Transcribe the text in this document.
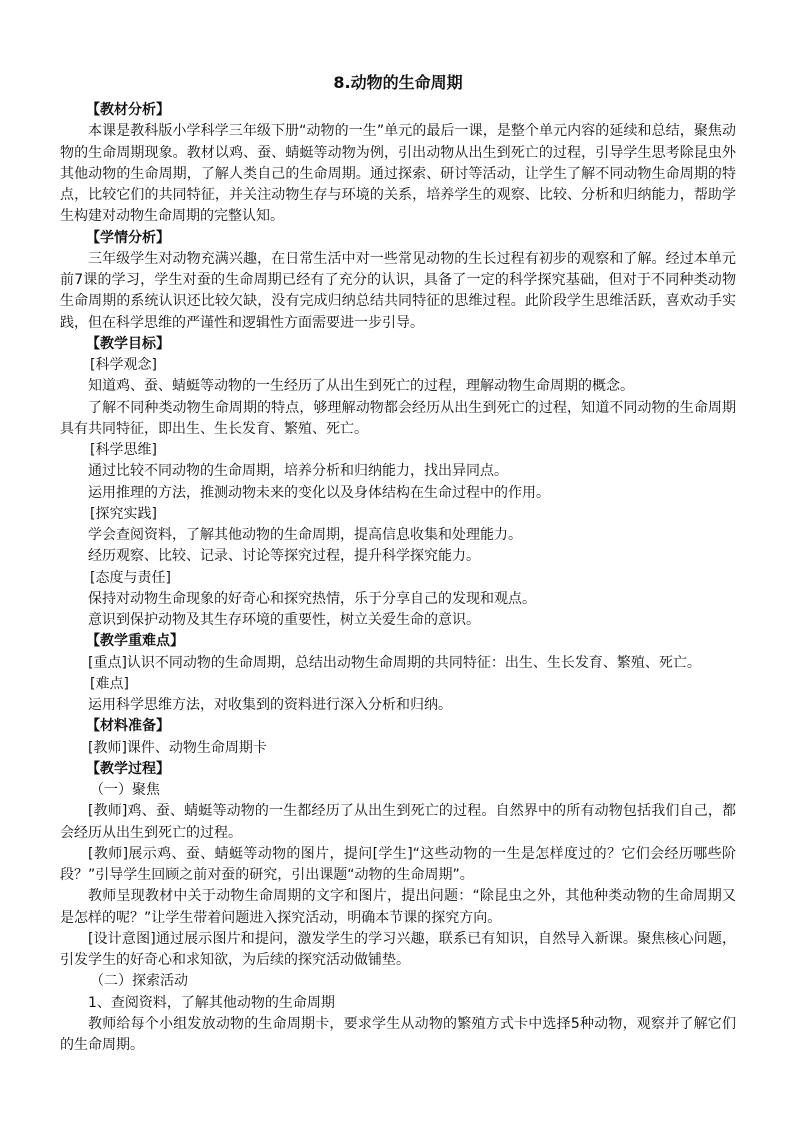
8.动物的生命周期

【教材分析】

本课是教科版小学科学三年级下册“动物的一生”单元的最后一课，是整个单元内容的延续和总结，聚焦动物的生命周期现象。教材以鸡、蚕、蜻蜓等动物为例，引出动物从出生到死亡的过程，引导学生思考除昆虫外其他动物的生命周期，了解人类自己的生命周期。通过探索、研讨等活动，让学生了解不同动物生命周期的特点，比较它们的共同特征，并关注动物生存与环境的关系，培养学生的观察、比较、分析和归纳能力，帮助学生构建对动物生命周期的完整认知。

【学情分析】

三年级学生对动物充满兴趣，在日常生活中对一些常见动物的生长过程有初步的观察和了解。经过本单元前7课的学习，学生对蚕的生命周期已经有了充分的认识，具备了一定的科学探究基础，但对于不同种类动物生命周期的系统认识还比较欠缺，没有完成归纳总结共同特征的思维过程。此阶段学生思维活跃，喜欢动手实践，但在科学思维的严谨性和逻辑性方面需要进一步引导。

【教学目标】

[科学观念]

知道鸡、蚕、蜻蜓等动物的一生经历了从出生到死亡的过程，理解动物生命周期的概念。

了解不同种类动物生命周期的特点，够理解动物都会经历从出生到死亡的过程，知道不同动物的生命周期具有共同特征，即出生、生长发育、繁殖、死亡。

[科学思维]

通过比较不同动物的生命周期，培养分析和归纳能力，找出异同点。

运用推理的方法，推测动物未来的变化以及身体结构在生命过程中的作用。

[探究实践]

学会查阅资料，了解其他动物的生命周期，提高信息收集和处理能力。

经历观察、比较、记录、讨论等探究过程，提升科学探究能力。

[态度与责任]

保持对动物生命现象的好奇心和探究热情，乐于分享自己的发现和观点。

意识到保护动物及其生存环境的重要性，树立关爱生命的意识。

【教学重难点】

[重点]认识不同动物的生命周期，总结出动物生命周期的共同特征：出生、生长发育、繁殖、死亡。

[难点]

运用科学思维方法，对收集到的资料进行深入分析和归纳。

【材料准备】

[教师]课件、动物生命周期卡

【教学过程】

（一）聚焦

[教师]鸡、蚕、蜻蜓等动物的一生都经历了从出生到死亡的过程。自然界中的所有动物包括我们自己，都会经历从出生到死亡的过程。

[教师]展示鸡、蚕、蜻蜓等动物的图片，提问[学生]“这些动物的一生是怎样度过的？它们会经历哪些阶段？”引导学生回顾之前对蚕的研究，引出课题“动物的生命周期”。

教师呈现教材中关于动物生命周期的文字和图片，提出问题：“除昆虫之外，其他种类动物的生命周期又是怎样的呢？”让学生带着问题进入探究活动，明确本节课的探究方向。

[设计意图]通过展示图片和提问，激发学生的学习兴趣，联系已有知识，自然导入新课。聚焦核心问题，引发学生的好奇心和求知欲，为后续的探究活动做铺垫。

（二）探索活动

1、查阅资料，了解其他动物的生命周期

教师给每个小组发放动物的生命周期卡，要求学生从动物的繁殖方式卡中选择5种动物，观察并了解它们的生命周期。
